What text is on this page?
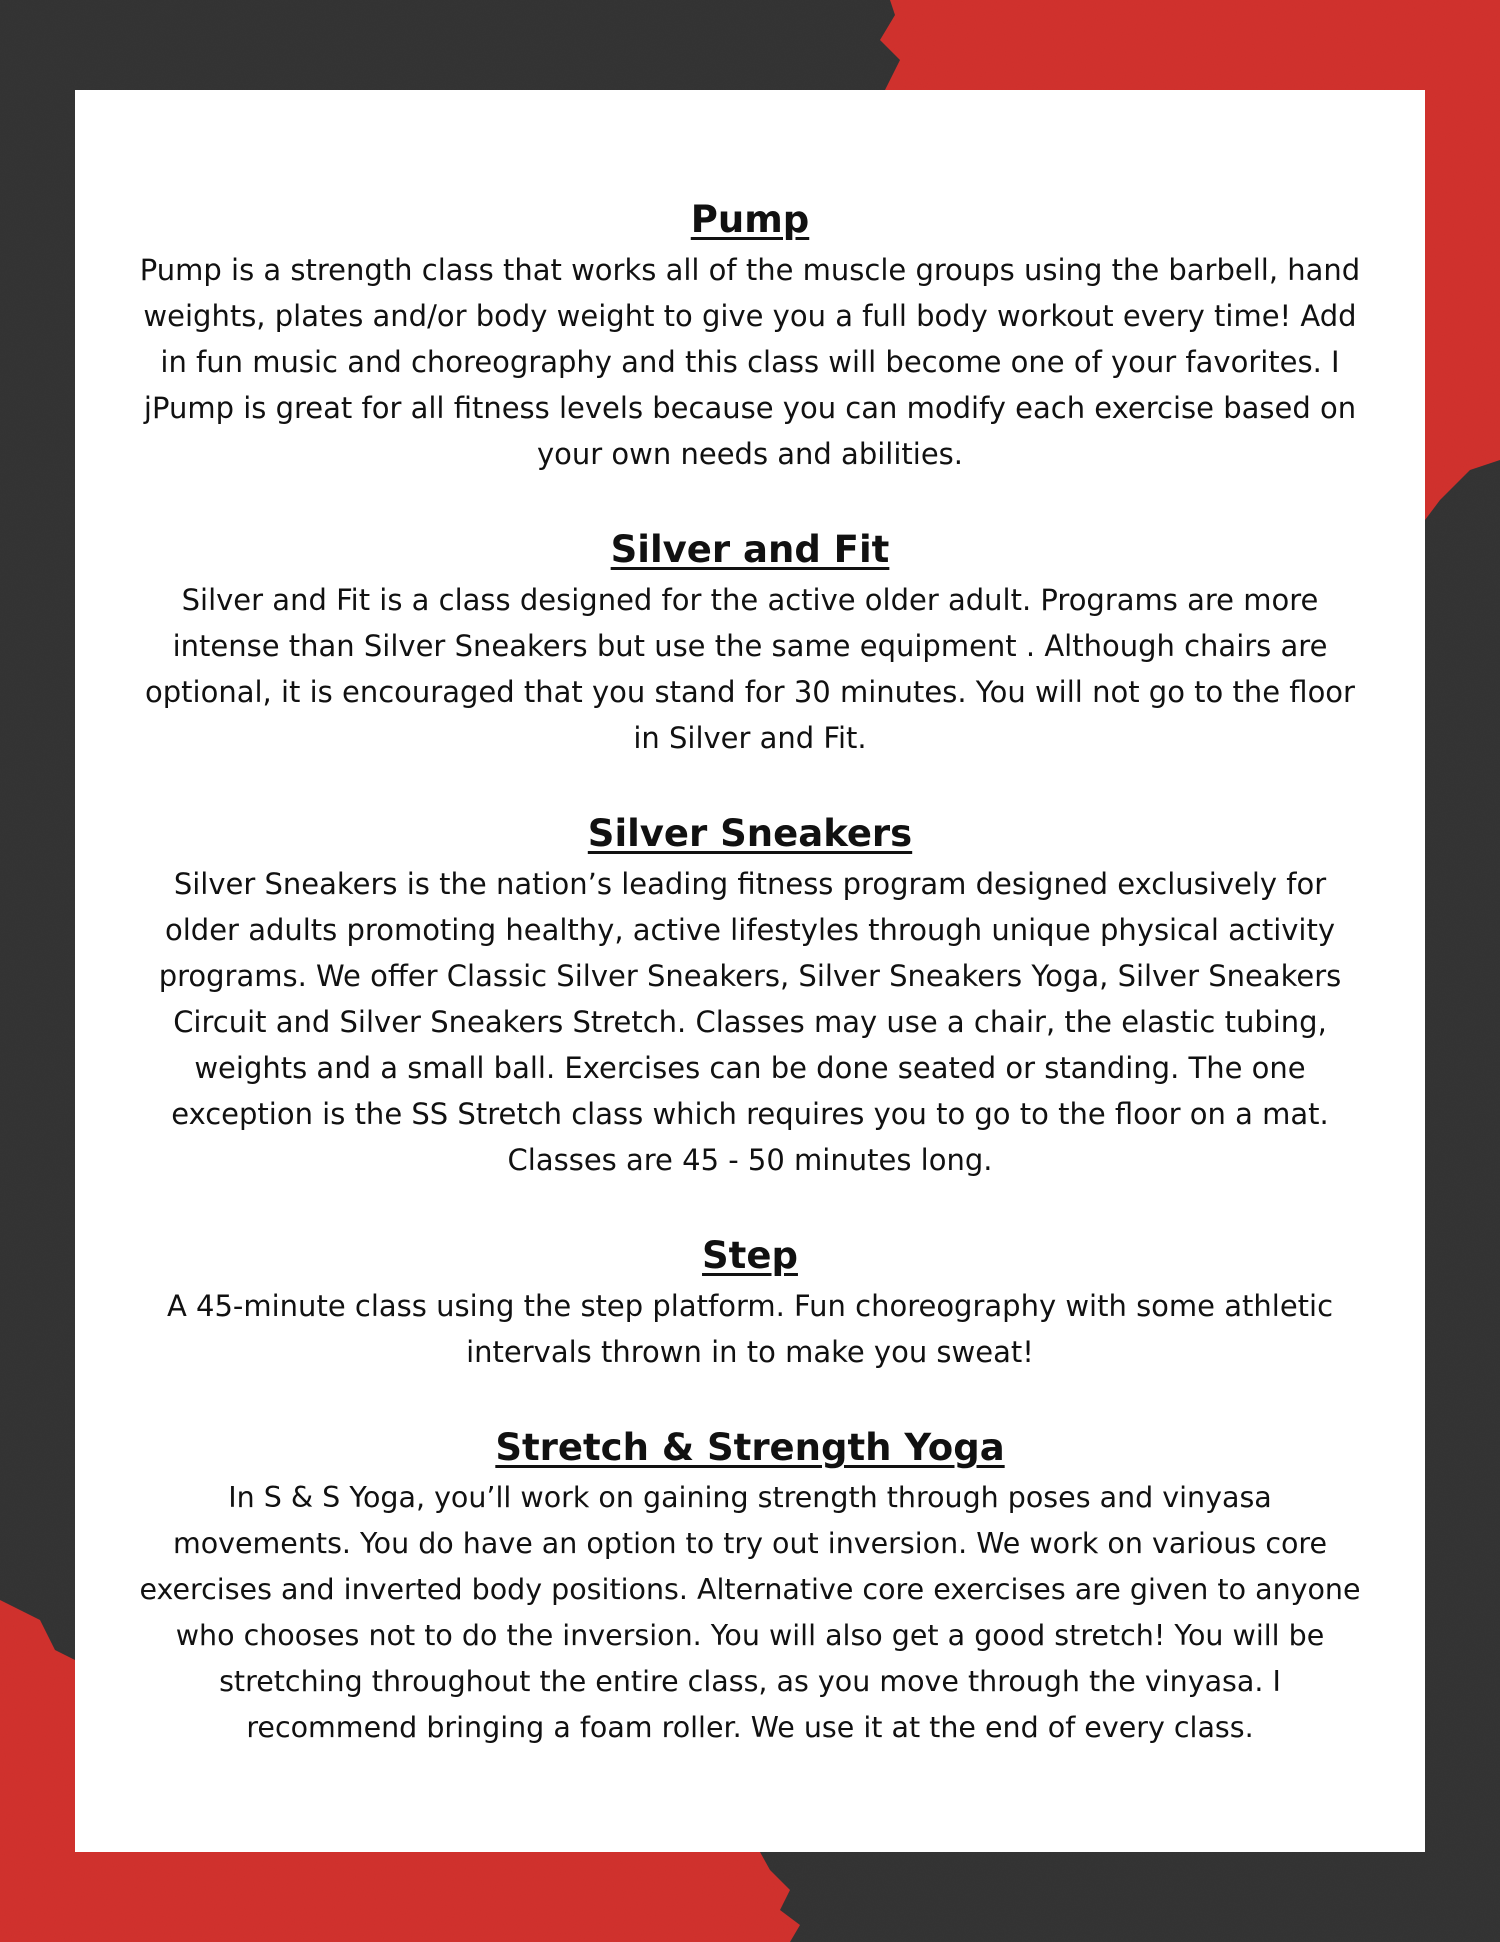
Pump

Pump is a strength class that works all of the muscle groups using the barbell, hand weights, plates and/or body weight to give you a full body workout every time! Add in fun music and choreography and this class will become one of your favorites. I jPump is great for all fitness levels because you can modify each exercise based on your own needs and abilities.

Silver and Fit

Silver and Fit is a class designed for the active older adult. Programs are more intense than Silver Sneakers but use the same equipment . Although chairs are optional, it is encouraged that you stand for 30 minutes. You will not go to the floor in Silver and Fit.

Silver Sneakers

Silver Sneakers is the nation’s leading fitness program designed exclusively for older adults promoting healthy, active lifestyles through unique physical activity programs. We offer Classic Silver Sneakers, Silver Sneakers Yoga, Silver Sneakers Circuit and Silver Sneakers Stretch. Classes may use a chair, the elastic tubing, weights and a small ball. Exercises can be done seated or standing. The one exception is the SS Stretch class which requires you to go to the floor on a mat. Classes are 45 - 50 minutes long.

Step

A 45-minute class using the step platform. Fun choreography with some athletic intervals thrown in to make you sweat!

Stretch & Strength Yoga

In S & S Yoga, you’ll work on gaining strength through poses and vinyasa movements. You do have an option to try out inversion. We work on various core exercises and inverted body positions. Alternative core exercises are given to anyone who chooses not to do the inversion. You will also get a good stretch! You will be stretching throughout the entire class, as you move through the vinyasa. I recommend bringing a foam roller. We use it at the end of every class.
